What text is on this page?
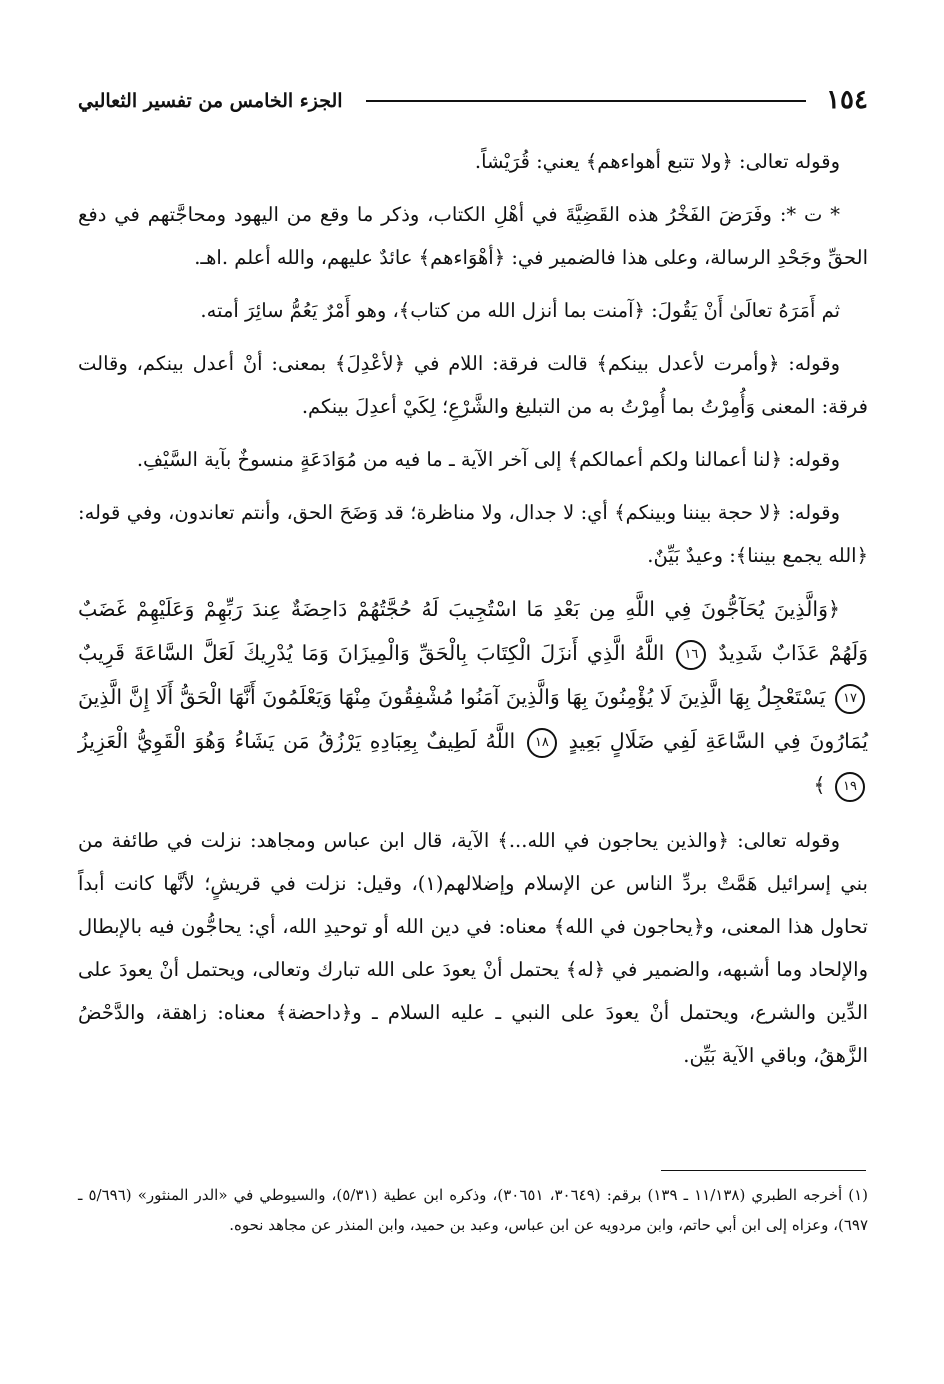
١٥٤
الجزء الخامس من تفسير الثعالبي

وقوله تعالى: ﴿ولا تتبع أهواءهم﴾ يعني: قُرَيْشاً.

* ت *: وفَرَضَ الفَخْرُ هذه القَضِيَّةَ في أهْلِ الكتاب، وذكر ما وقع من اليهود ومحاجَّتهم في دفع الحقِّ وجَحْدِ الرسالة، وعلى هذا فالضمير في: ﴿أهْوَاءهم﴾ عائدٌ عليهم، والله أعلم .اهـ.

ثم أَمَرَهُ تعالَىٰ أَنْ يَقُولَ: ﴿آمنت بما أنزل الله من كتاب﴾، وهو أَمْرٌ يَعُمُّ سائِرَ أمته.

وقوله: ﴿وأمرت لأعدل بينكم﴾ قالت فرقة: اللام في ﴿لأعْدِلَ﴾ بمعنى: أنْ أعدل بينكم، وقالت فرقة: المعنى وَأُمِرْتُ بما أُمِرْتُ به من التبليغ والشَّرْعِ؛ لِكَيْ أعدِلَ بينكم.

وقوله: ﴿لنا أعمالنا ولكم أعمالكم﴾ إلى آخر الآية ـ ما فيه من مُوَادَعَةٍ منسوخٌ بآية السَّيْفِ.

وقوله: ﴿لا حجة بيننا وبينكم﴾ أي: لا جدال، ولا مناظرة؛ قد وَضَحَ الحق، وأنتم تعاندون، وفي قوله: ﴿الله يجمع بيننا﴾: وعيدٌ بَيِّنٌ.

﴿وَالَّذِينَ يُحَآجُّونَ فِي اللَّهِ مِن بَعْدِ مَا اسْتُجِيبَ لَهُ حُجَّتُهُمْ دَاحِضَةٌ عِندَ رَبِّهِمْ وَعَلَيْهِمْ غَضَبٌ وَلَهُمْ عَذَابٌ شَدِيدٌ ١٦ اللَّهُ الَّذِي أَنزَلَ الْكِتَابَ بِالْحَقِّ وَالْمِيزَانَ وَمَا يُدْرِيكَ لَعَلَّ السَّاعَةَ قَرِيبٌ ١٧ يَسْتَعْجِلُ بِهَا الَّذِينَ لَا يُؤْمِنُونَ بِهَا وَالَّذِينَ آمَنُوا مُشْفِقُونَ مِنْهَا وَيَعْلَمُونَ أَنَّهَا الْحَقُّ أَلَا إِنَّ الَّذِينَ يُمَارُونَ فِي السَّاعَةِ لَفِي ضَلَالٍ بَعِيدٍ ١٨ اللَّهُ لَطِيفٌ بِعِبَادِهِ يَرْزُقُ مَن يَشَاءُ وَهُوَ الْقَوِيُّ الْعَزِيزُ ١٩ ﴾

وقوله تعالى: ﴿والذين يحاجون في الله...﴾ الآية، قال ابن عباس ومجاهد: نزلت في طائفة من بني إسرائيل هَمَّتْ بردِّ الناس عن الإسلام وإضلالهم(١)، وقيل: نزلت في قريشٍ؛ لأنَّها كانت أبداً تحاول هذا المعنى، و﴿يحاجون في الله﴾ معناه: في دين الله أو توحيدِ الله، أي: يحاجُّون فيه بالإبطال والإلحاد وما أشبهه، والضمير في ﴿له﴾ يحتمل أنْ يعودَ على الله تبارك وتعالى، ويحتمل أنْ يعودَ على الدِّين والشرع، ويحتمل أنْ يعودَ على النبي ـ عليه السلام ـ و﴿داحضة﴾ معناه: زاهقة، والدَّحْضُ الزَّهقُ، وباقي الآية بَيِّن.

(١) أخرجه الطبري (١١/١٣٨ ـ ١٣٩) برقم: (٣٠٦٤٩، ٣٠٦٥١)، وذكره ابن عطية (٥/٣١)، والسيوطي في «الدر المنثور» (٥/٦٩٦ ـ ٦٩٧)، وعزاه إلى ابن أبي حاتم، وابن مردويه عن ابن عباس، وعبد بن حميد، وابن المنذر عن مجاهد نحوه.
